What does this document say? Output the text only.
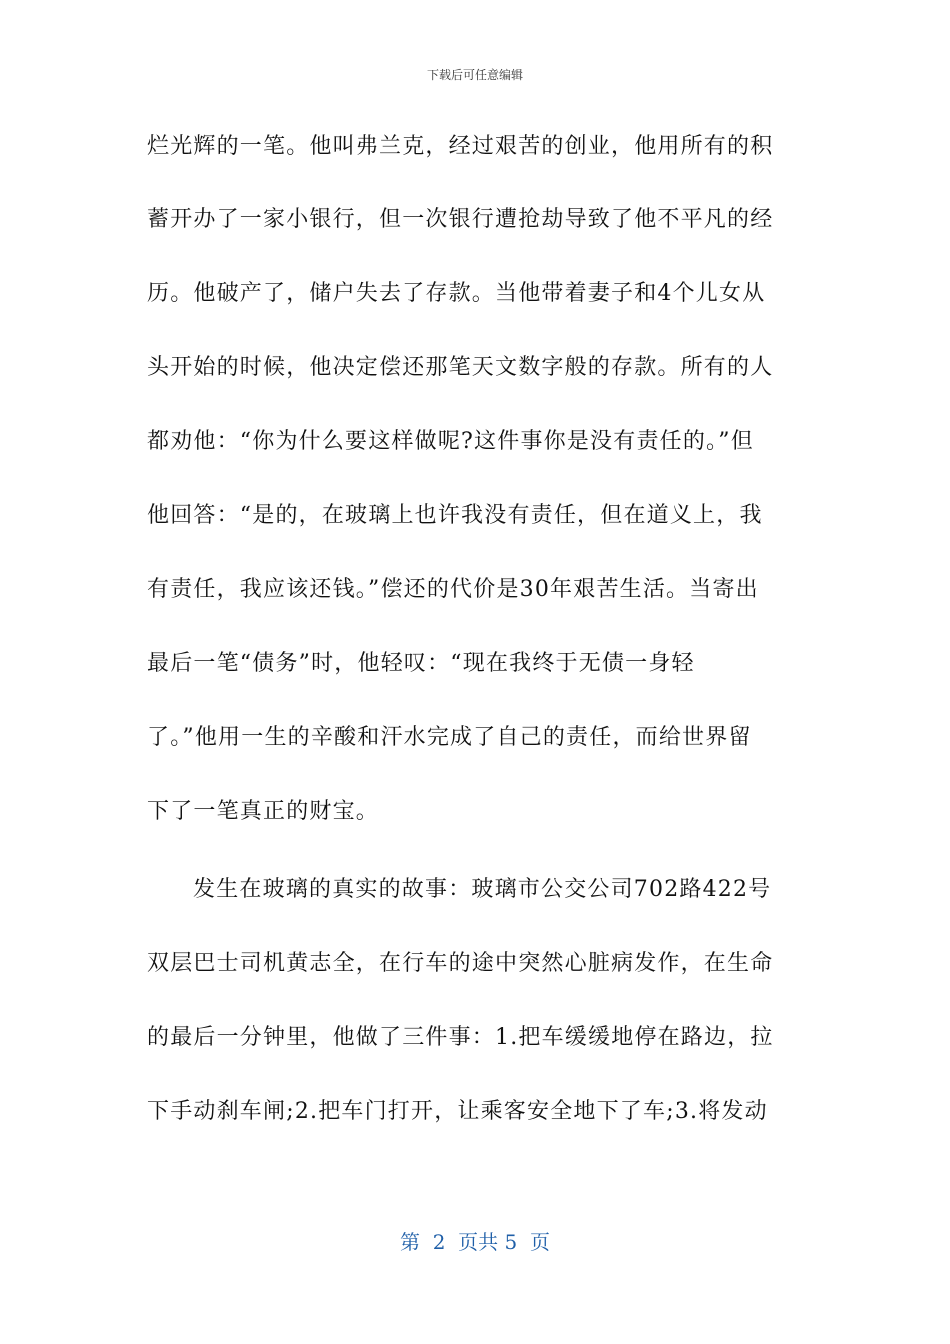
下载后可任意编辑
烂光辉的一笔。他叫弗兰克，经过艰苦的创业，他用所有的积
蓄开办了一家小银行，但一次银行遭抢劫导致了他不平凡的经
历。他破产了，储户失去了存款。当他带着妻子和4个儿女从
头开始的时候，他决定偿还那笔天文数字般的存款。所有的人
都劝他：“你为什么要这样做呢?这件事你是没有责任的。”但
他回答：“是的，在玻璃上也许我没有责任，但在道义上，我
有责任，我应该还钱。”偿还的代价是30年艰苦生活。当寄出
最后一笔“债务”时，他轻叹：“现在我终于无债一身轻
了。”他用一生的辛酸和汗水完成了自己的责任，而给世界留
下了一笔真正的财宝。
发生在玻璃的真实的故事：玻璃市公交公司702路422号
双层巴士司机黄志全，在行车的途中突然心脏病发作，在生命
的最后一分钟里，他做了三件事：1.把车缓缓地停在路边，拉
下手动刹车闸;2.把车门打开，让乘客安全地下了车;3.将发动
第  2  页共 5  页
